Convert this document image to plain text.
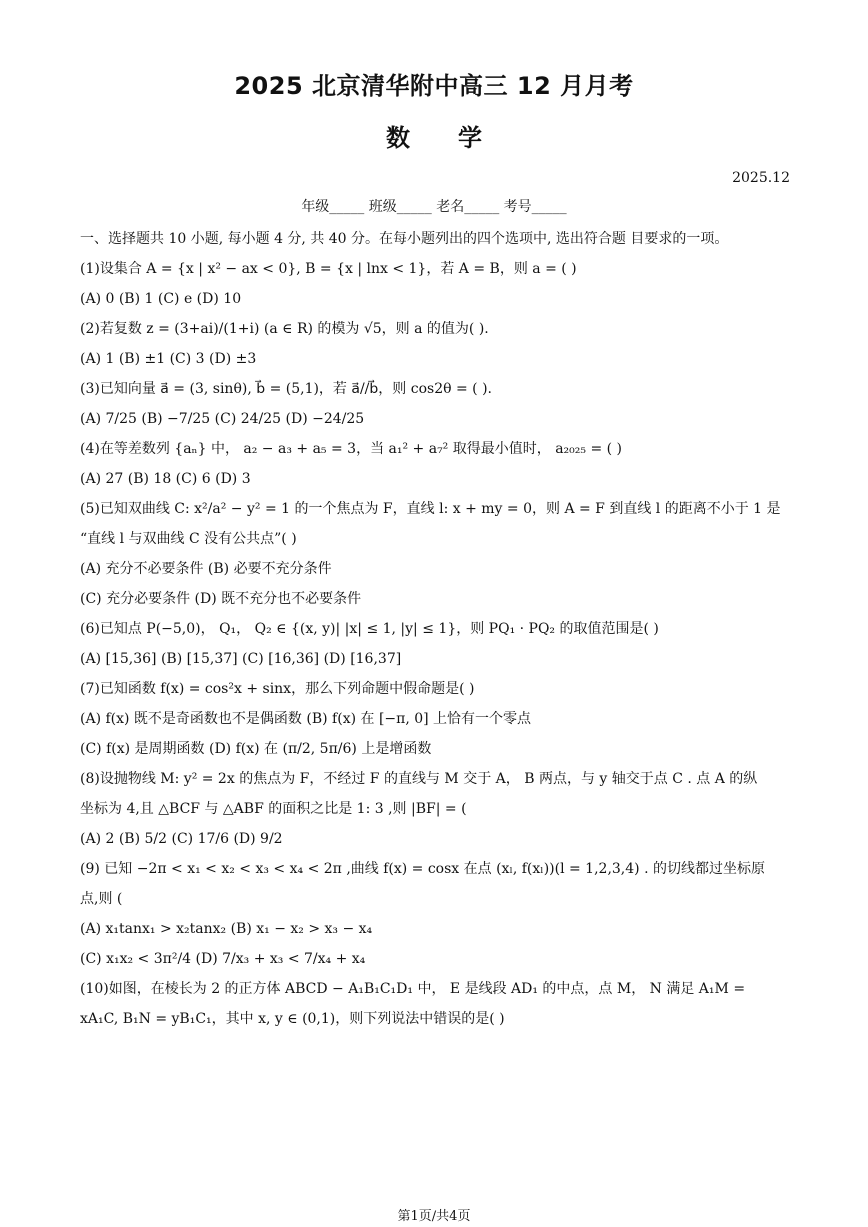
2025 北京清华附中高三 12 月月考
数学
2025.12
年级_____ 班级_____ 老名_____ 考号_____
一、选择题共 10 小题, 每小题 4 分, 共 40 分。在每小题列出的四个选项中, 选出符合题 目要求的一项。
(1)设集合 A = {x | x² − ax < 0}, B = {x | lnx < 1}，若 A = B，则 a = ( )
(A) 0 (B) 1 (C) e (D) 10
(2)若复数 z = (3+ai)/(1+i) (a ∈ R) 的模为 √5，则 a 的值为( ).
(A) 1 (B) ±1 (C) 3 (D) ±3
(3)已知向量 a⃗ = (3, sinθ), b⃗ = (5,1)，若 a⃗//b⃗，则 cos2θ = ( ).
(A) 7/25 (B) −7/25 (C) 24/25 (D) −24/25
(4)在等差数列 {aₙ} 中， a₂ − a₃ + a₅ = 3，当 a₁² + a₇² 取得最小值时， a₂₀₂₅ = ( )
(A) 27 (B) 18 (C) 6 (D) 3
(5)已知双曲线 C: x²/a² − y² = 1 的一个焦点为 F，直线 l: x + my = 0，则 A = F 到直线 l 的距离不小于 1 是
“直线 l 与双曲线 C 没有公共点”( )
(A) 充分不必要条件 (B) 必要不充分条件
(C) 充分必要条件 (D) 既不充分也不必要条件
(6)已知点 P(−5,0)， Q₁， Q₂ ∈ {(x, y)| |x| ≤ 1, |y| ≤ 1}，则 PQ₁ · PQ₂ 的取值范围是( )
(A) [15,36] (B) [15,37] (C) [16,36] (D) [16,37]
(7)已知函数 f(x) = cos²x + sinx，那么下列命题中假命题是( )
(A) f(x) 既不是奇函数也不是偶函数 (B) f(x) 在 [−π, 0] 上恰有一个零点
(C) f(x) 是周期函数 (D) f(x) 在 (π/2, 5π/6) 上是增函数
(8)设抛物线 M: y² = 2x 的焦点为 F，不经过 F 的直线与 M 交于 A， B 两点，与 y 轴交于点 C . 点 A 的纵
坐标为 4,且 △BCF 与 △ABF 的面积之比是 1: 3 ,则 |BF| = (
(A) 2 (B) 5/2 (C) 17/6 (D) 9/2
(9) 已知 −2π < x₁ < x₂ < x₃ < x₄ < 2π ,曲线 f(x) = cosx 在点 (xₗ, f(xₗ))(l = 1,2,3,4) . 的切线都过坐标原
点,则 (
(A) x₁tanx₁ > x₂tanx₂ (B) x₁ − x₂ > x₃ − x₄
(C) x₁x₂ < 3π²/4 (D) 7/x₃ + x₃ < 7/x₄ + x₄
(10)如图，在棱长为 2 的正方体 ABCD − A₁B₁C₁D₁ 中， E 是线段 AD₁ 的中点，点 M， N 满足 A₁M =
xA₁C, B₁N = yB₁C₁，其中 x, y ∈ (0,1)，则下列说法中错误的是( )
第1页/共4页
